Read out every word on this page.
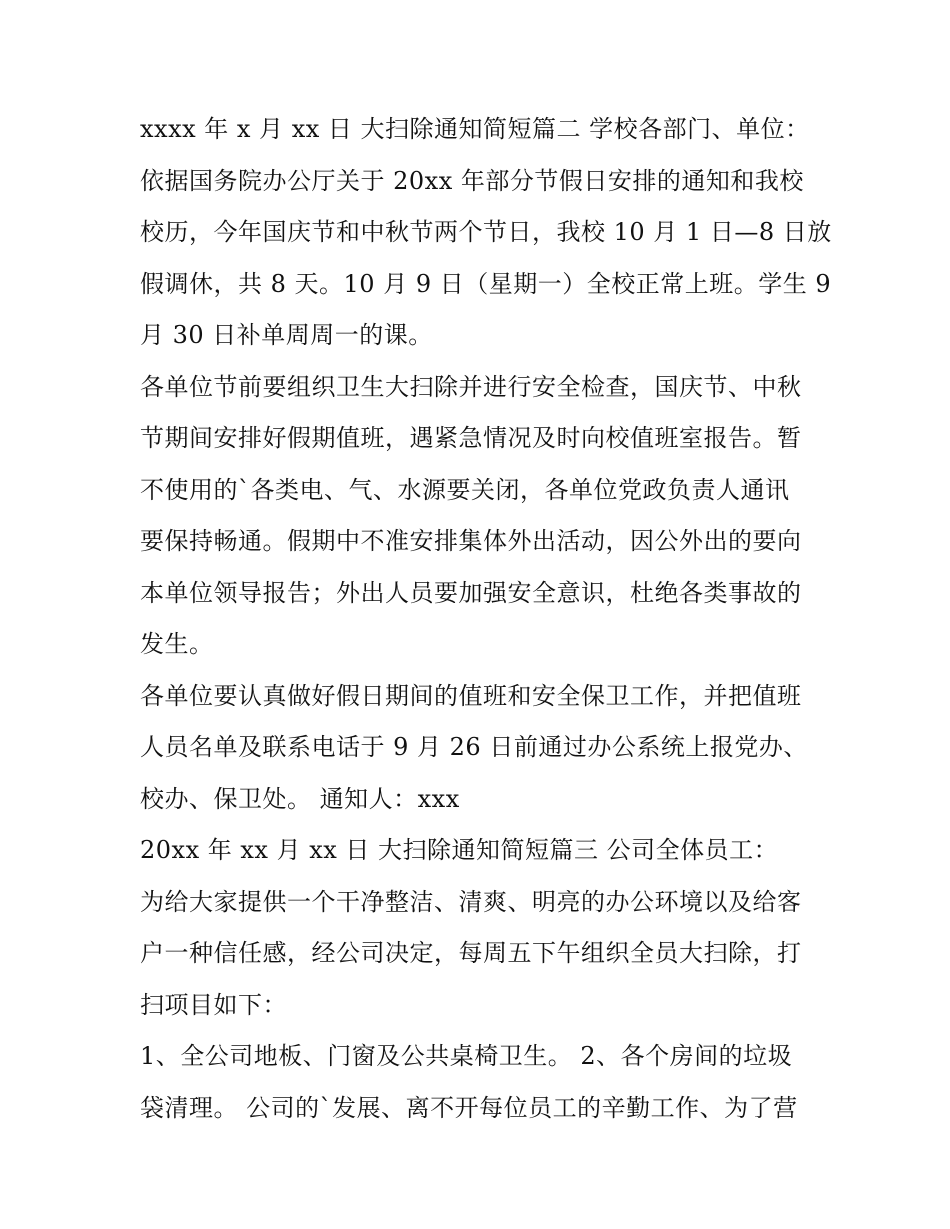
xxxx 年 x 月 xx 日 大扫除通知简短篇二 学校各部门、单位：
依据国务院办公厅关于 20xx 年部分节假日安排的通知和我校
校历，今年国庆节和中秋节两个节日，我校 10 月 1 日—8 日放
假调休，共 8 天。10 月 9 日（星期一）全校正常上班。学生 9
月 30 日补单周周一的课。
各单位节前要组织卫生大扫除并进行安全检查，国庆节、中秋
节期间安排好假期值班，遇紧急情况及时向校值班室报告。暂
不使用的`各类电、气、水源要关闭，各单位党政负责人通讯
要保持畅通。假期中不准安排集体外出活动，因公外出的要向
本单位领导报告；外出人员要加强安全意识，杜绝各类事故的
发生。
各单位要认真做好假日期间的值班和安全保卫工作，并把值班
人员名单及联系电话于 9 月 26 日前通过办公系统上报党办、
校办、保卫处。 通知人：xxx
20xx 年 xx 月 xx 日 大扫除通知简短篇三 公司全体员工：
为给大家提供一个干净整洁、清爽、明亮的办公环境以及给客
户一种信任感，经公司决定，每周五下午组织全员大扫除，打
扫项目如下：
1、全公司地板、门窗及公共桌椅卫生。 2、各个房间的垃圾
袋清理。 公司的`发展、离不开每位员工的辛勤工作、为了营
